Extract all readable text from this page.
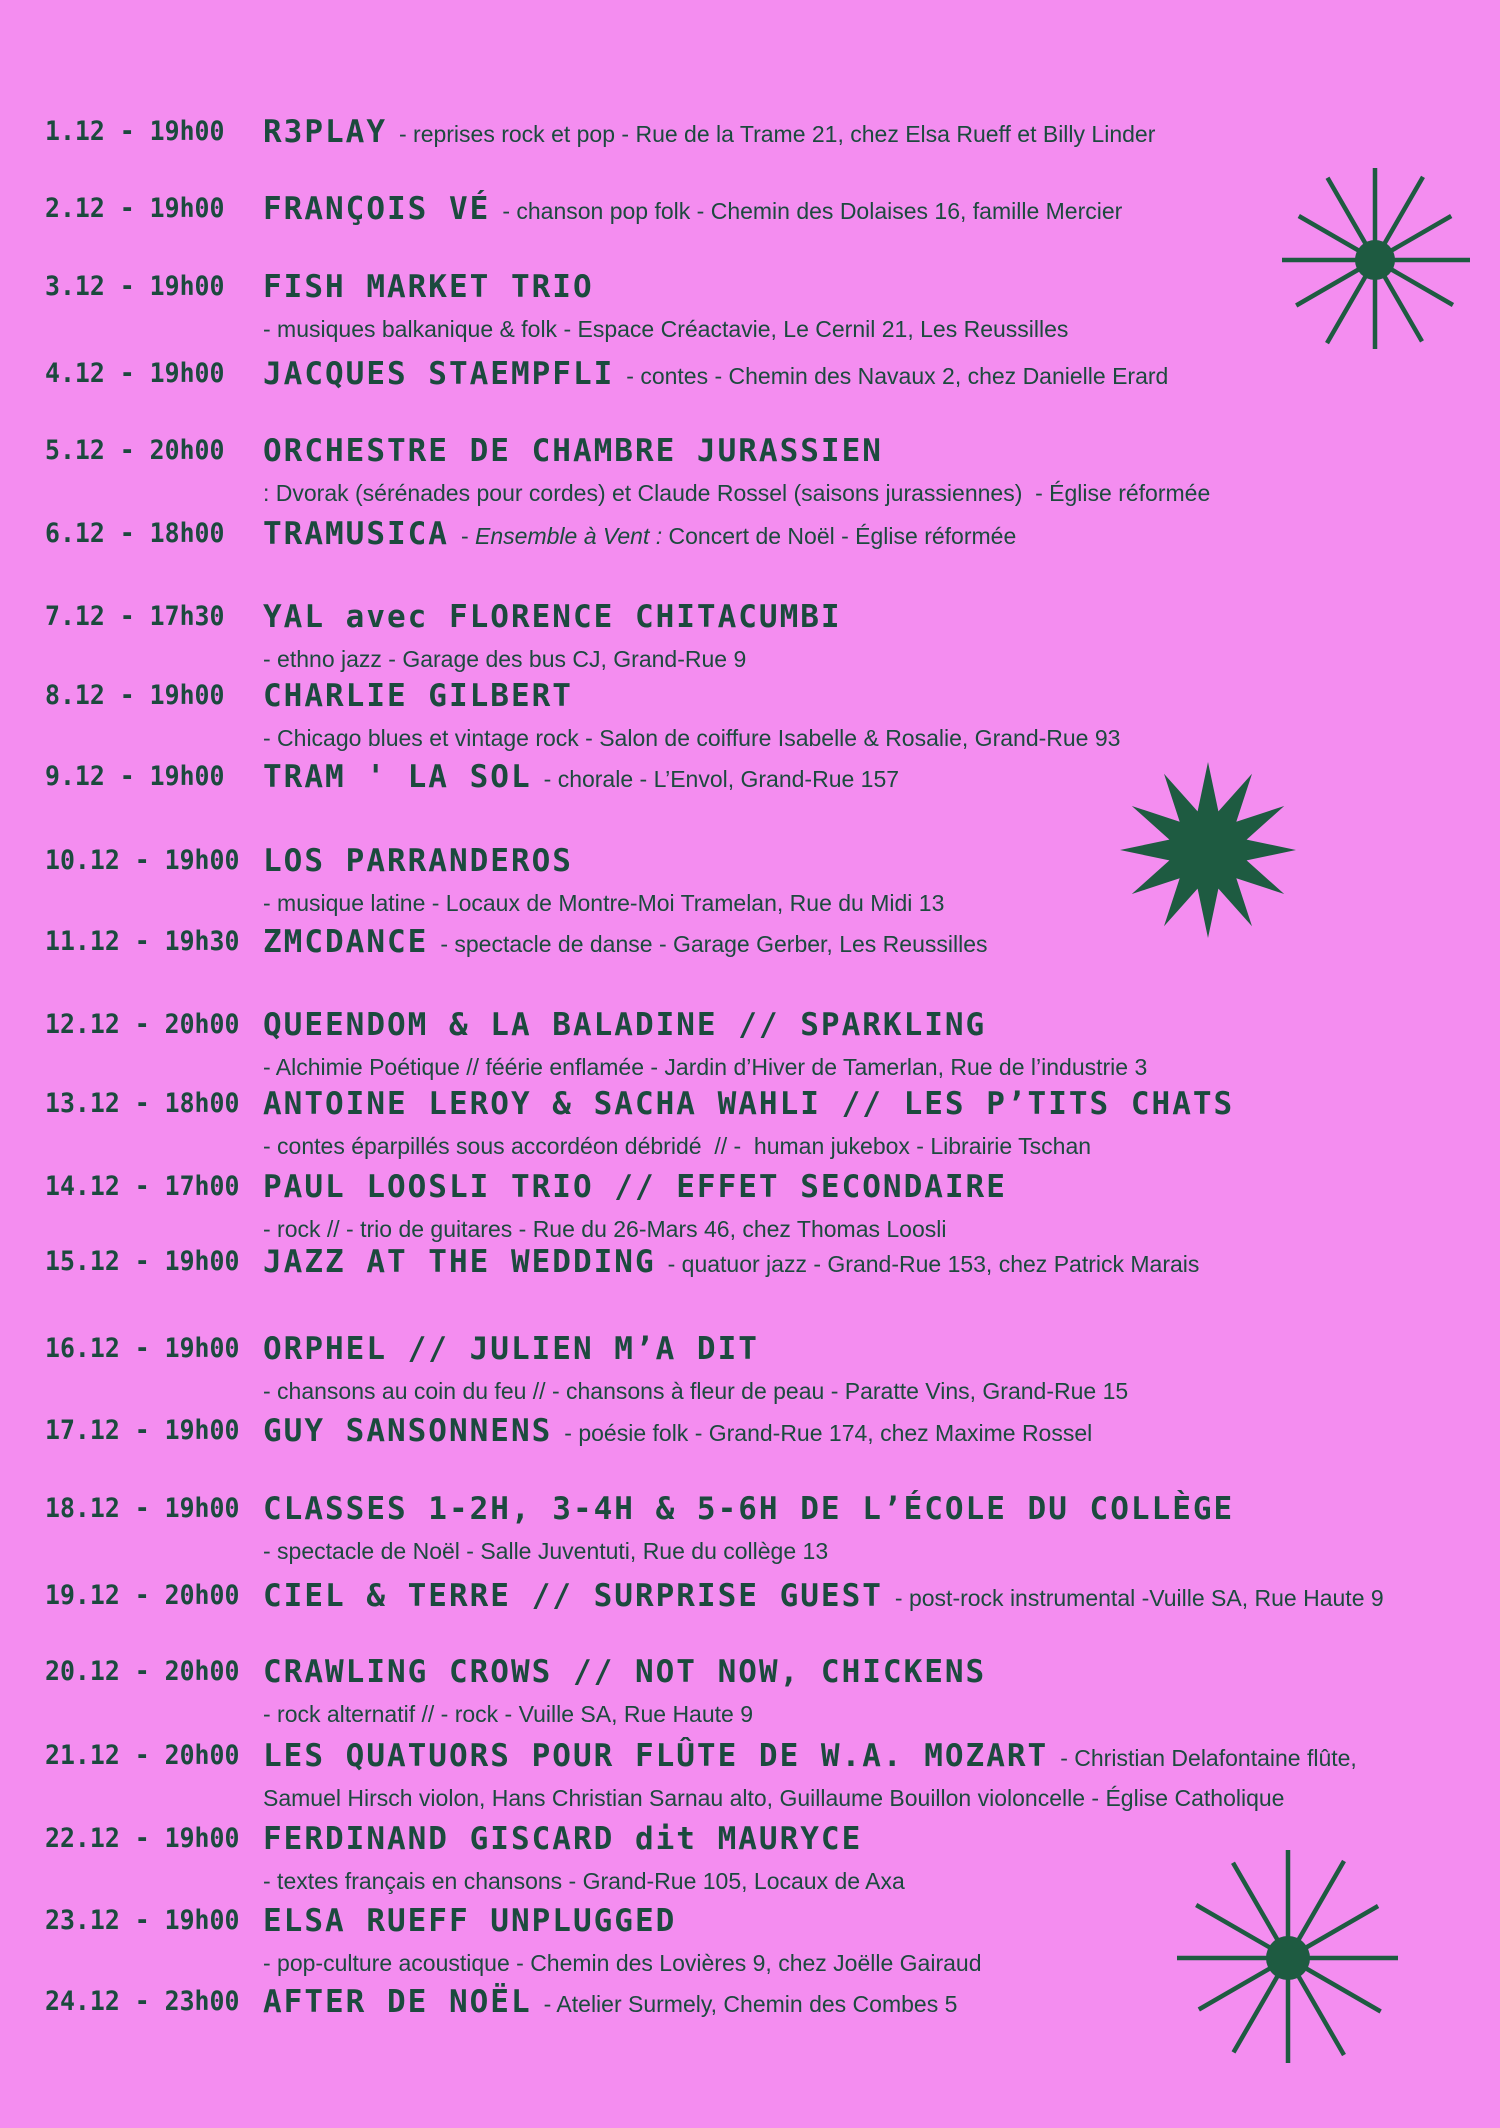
1.12 - 19h00	R3PLAY - reprises rock et pop - Rue de la Trame 21, chez Elsa Rueff et Billy Linder
2.12 - 19h00	FRANÇOIS VÉ - chanson pop folk - Chemin des Dolaises 16, famille Mercier
3.12 - 19h00	FISH MARKET TRIO
- musiques balkanique & folk - Espace Créactavie, Le Cernil 21, Les Reussilles
4.12 - 19h00	JACQUES STAEMPFLI - contes - Chemin des Navaux 2, chez Danielle Erard
5.12 - 20h00	ORCHESTRE DE CHAMBRE JURASSIEN
: Dvorak (sérénades pour cordes) et Claude Rossel (saisons jurassiennes)  - Église réformée
6.12 - 18h00	TRAMUSICA - Ensemble à Vent : Concert de Noël - Église réformée
7.12 - 17h30	YAL avec FLORENCE CHITACUMBI
- ethno jazz - Garage des bus CJ, Grand-Rue 9
8.12 - 19h00	CHARLIE GILBERT
- Chicago blues et vintage rock - Salon de coiffure Isabelle & Rosalie, Grand-Rue 93
9.12 - 19h00	TRAM ' LA SOL - chorale - L’Envol, Grand-Rue 157
10.12 - 19h00 LOS PARRANDEROS
- musique latine - Locaux de Montre-Moi Tramelan, Rue du Midi 13
11.12 - 19h30 ZMCDANCE - spectacle de danse - Garage Gerber, Les Reussilles
12.12 - 20h00 QUEENDOM & LA BALADINE // SPARKLING
- Alchimie Poétique // féérie enflamée - Jardin d’Hiver de Tamerlan, Rue de l’industrie 3
13.12 - 18h00 ANTOINE LEROY & SACHA WAHLI // LES P’TITS CHATS
- contes éparpillés sous accordéon débridé  // -  human jukebox - Librairie Tschan
14.12 - 17h00 PAUL LOOSLI TRIO // EFFET SECONDAIRE
- rock // - trio de guitares - Rue du 26-Mars 46, chez Thomas Loosli
15.12 - 19h00 JAZZ AT THE WEDDING - quatuor jazz - Grand-Rue 153, chez Patrick Marais
16.12 - 19h00 ORPHEL // JULIEN M’A DIT
- chansons au coin du feu // - chansons à fleur de peau - Paratte Vins, Grand-Rue 15
17.12 - 19h00 GUY SANSONNENS - poésie folk - Grand-Rue 174, chez Maxime Rossel
18.12 - 19h00 CLASSES 1-2H, 3-4H & 5-6H DE L’ÉCOLE DU COLLÈGE
- spectacle de Noël - Salle Juventuti, Rue du collège 13
19.12 - 20h00 CIEL & TERRE // SURPRISE GUEST - post-rock instrumental -Vuille SA, Rue Haute 9
20.12 - 20h00 CRAWLING CROWS // NOT NOW, CHICKENS
- rock alternatif // - rock - Vuille SA, Rue Haute 9
21.12 - 20h00 LES QUATUORS POUR FLÛTE DE W.A. MOZART - Christian Delafontaine flûte,
Samuel Hirsch violon, Hans Christian Sarnau alto, Guillaume Bouillon violoncelle - Église Catholique
22.12 - 19h00 FERDINAND GISCARD dit MAURYCE
- textes français en chansons - Grand-Rue 105, Locaux de Axa
23.12 - 19h00 ELSA RUEFF UNPLUGGED
- pop-culture acoustique - Chemin des Lovières 9, chez Joëlle Gairaud
24.12 - 23h00 AFTER DE NOËL - Atelier Surmely, Chemin des Combes 5
